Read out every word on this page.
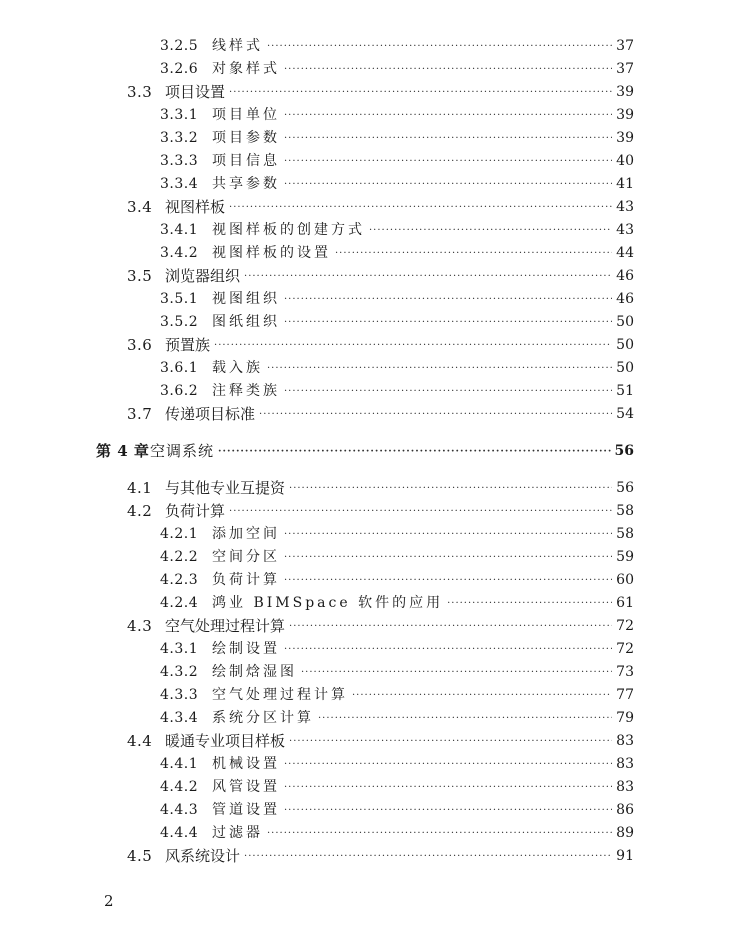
3.2.5 线样式 ·····	37
3.2.6 对象样式 ·····	37
3.3 项目设置 ·····	39
3.3.1 项目单位 ·····	39
3.3.2 项目参数 ·····	39
3.3.3 项目信息 ·····	40
3.3.4 共享参数 ·····	41
3.4 视图样板 ·····	43
3.4.1 视图样板的创建方式 ·····	43
3.4.2 视图样板的设置 ·····	44
3.5 浏览器组织 ·····	46
3.5.1 视图组织 ·····	46
3.5.2 图纸组织 ·····	50
3.6 预置族 ·····	50
3.6.1 载入族 ·····	50
3.6.2 注释类族 ·····	51
3.7 传递项目标准 ·····	54
第 4 章 空调系统 ·····	56
4.1 与其他专业互提资 ·····	56
4.2 负荷计算 ·····	58
4.2.1 添加空间 ·····	58
4.2.2 空间分区 ·····	59
4.2.3 负荷计算 ·····	60
4.2.4 鸿业 BIMSpace 软件的应用 ·····	61
4.3 空气处理过程计算 ·····	72
4.3.1 绘制设置 ·····	72
4.3.2 绘制焓湿图 ·····	73
4.3.3 空气处理过程计算 ·····	77
4.3.4 系统分区计算 ·····	79
4.4 暖通专业项目样板 ·····	83
4.4.1 机械设置 ·····	83
4.4.2 风管设置 ·····	83
4.4.3 管道设置 ·····	86
4.4.4 过滤器 ·····	89
4.5 风系统设计 ·····	91
2
